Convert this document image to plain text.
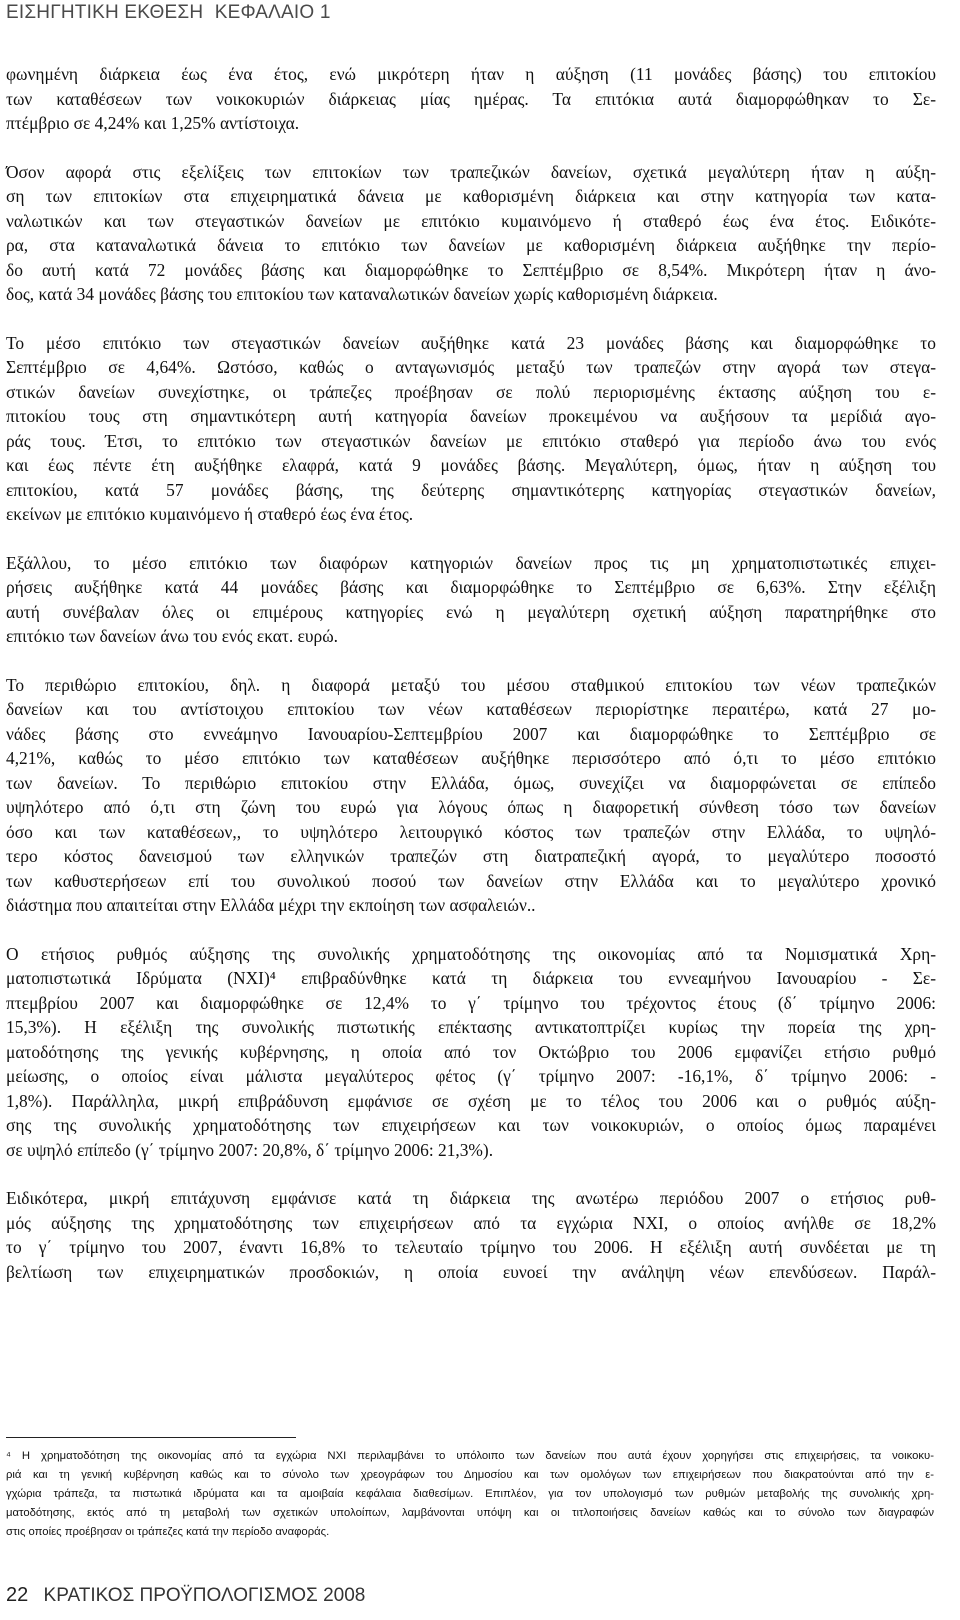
ΕΙΣΗΓΗΤΙΚΗ ΕΚΘΕΣΗ ΚΕΦΑΛΑΙΟ 1
φωνημένη διάρκεια έως ένα έτος, ενώ μικρότερη ήταν η αύξηση (11 μονάδες βάσης) του επιτοκίου
των καταθέσεων των νοικοκυριών διάρκειας μίας ημέρας. Τα επιτόκια αυτά διαμορφώθηκαν το Σε-
πτέμβριο σε 4,24% και 1,25% αντίστοιχα.
Όσον αφορά στις εξελίξεις των επιτοκίων των τραπεζικών δανείων, σχετικά μεγαλύτερη ήταν η αύξη-
ση των επιτοκίων στα επιχειρηματικά δάνεια με καθορισμένη διάρκεια και στην κατηγορία των κατα-
ναλωτικών και των στεγαστικών δανείων με επιτόκιο κυμαινόμενο ή σταθερό έως ένα έτος. Ειδικότε-
ρα, στα καταναλωτικά δάνεια το επιτόκιο των δανείων με καθορισμένη διάρκεια αυξήθηκε την περίο-
δο αυτή κατά 72 μονάδες βάσης και διαμορφώθηκε το Σεπτέμβριο σε 8,54%. Μικρότερη ήταν η άνο-
δος, κατά 34 μονάδες βάσης του επιτοκίου των καταναλωτικών δανείων χωρίς καθορισμένη διάρκεια.
Το μέσο επιτόκιο των στεγαστικών δανείων αυξήθηκε κατά 23 μονάδες βάσης και διαμορφώθηκε το
Σεπτέμβριο σε 4,64%. Ωστόσο, καθώς ο ανταγωνισμός μεταξύ των τραπεζών στην αγορά των στεγα-
στικών δανείων συνεχίστηκε, οι τράπεζες προέβησαν σε πολύ περιορισμένης έκτασης αύξηση του ε-
πιτοκίου τους στη σημαντικότερη αυτή κατηγορία δανείων προκειμένου να αυξήσουν τα μερίδιά αγο-
ράς τους. Έτσι, το επιτόκιο των στεγαστικών δανείων με επιτόκιο σταθερό για περίοδο άνω του ενός
και έως πέντε έτη αυξήθηκε ελαφρά, κατά 9 μονάδες βάσης. Μεγαλύτερη, όμως, ήταν η αύξηση του
επιτοκίου, κατά 57 μονάδες βάσης, της δεύτερης σημαντικότερης κατηγορίας στεγαστικών δανείων,
εκείνων με επιτόκιο κυμαινόμενο ή σταθερό έως ένα έτος.
Εξάλλου, το μέσο επιτόκιο των διαφόρων κατηγοριών δανείων προς τις μη χρηματοπιστωτικές επιχει-
ρήσεις αυξήθηκε κατά 44 μονάδες βάσης και διαμορφώθηκε το Σεπτέμβριο σε 6,63%. Στην εξέλιξη
αυτή συνέβαλαν όλες οι επιμέρους κατηγορίες ενώ η μεγαλύτερη σχετική αύξηση παρατηρήθηκε στο
επιτόκιο των δανείων άνω του ενός εκατ. ευρώ.
Το περιθώριο επιτοκίου, δηλ. η διαφορά μεταξύ του μέσου σταθμικού επιτοκίου των νέων τραπεζικών
δανείων και του αντίστοιχου επιτοκίου των νέων καταθέσεων περιορίστηκε περαιτέρω, κατά 27 μο-
νάδες βάσης στο εννεάμηνο Ιανουαρίου-Σεπτεμβρίου 2007 και διαμορφώθηκε το Σεπτέμβριο σε
4,21%, καθώς το μέσο επιτόκιο των καταθέσεων αυξήθηκε περισσότερο από ό,τι το μέσο επιτόκιο
των δανείων. Το περιθώριο επιτοκίου στην Ελλάδα, όμως, συνεχίζει να διαμορφώνεται σε επίπεδο
υψηλότερο από ό,τι στη ζώνη του ευρώ για λόγους όπως η διαφορετική σύνθεση τόσο των δανείων
όσο και των καταθέσεων,, το υψηλότερο λειτουργικό κόστος των τραπεζών στην Ελλάδα, το υψηλό-
τερο κόστος δανεισμού των ελληνικών τραπεζών στη διατραπεζική αγορά, το μεγαλύτερο ποσοστό
των καθυστερήσεων επί του συνολικού ποσού των δανείων στην Ελλάδα και το μεγαλύτερο χρονικό
διάστημα που απαιτείται στην Ελλάδα μέχρι την εκποίηση των ασφαλειών..
Ο ετήσιος ρυθμός αύξησης της συνολικής χρηματοδότησης της οικονομίας από τα Νομισματικά Χρη-
ματοπιστωτικά Ιδρύματα (ΝΧΙ)⁴ επιβραδύνθηκε κατά τη διάρκεια του εννεαμήνου Ιανουαρίου - Σε-
πτεμβρίου 2007 και διαμορφώθηκε σε 12,4% το γ΄ τρίμηνο του τρέχοντος έτους (δ΄ τρίμηνο 2006:
15,3%). Η εξέλιξη της συνολικής πιστωτικής επέκτασης αντικατοπτρίζει κυρίως την πορεία της χρη-
ματοδότησης της γενικής κυβέρνησης, η οποία από τον Οκτώβριο του 2006 εμφανίζει ετήσιο ρυθμό
μείωσης, ο οποίος είναι μάλιστα μεγαλύτερος φέτος (γ΄ τρίμηνο 2007: -16,1%, δ΄ τρίμηνο 2006: -
1,8%). Παράλληλα, μικρή επιβράδυνση εμφάνισε σε σχέση με το τέλος του 2006 και ο ρυθμός αύξη-
σης της συνολικής χρηματοδότησης των επιχειρήσεων και των νοικοκυριών, ο οποίος όμως παραμένει
σε υψηλό επίπεδο (γ΄ τρίμηνο 2007: 20,8%, δ΄ τρίμηνο 2006: 21,3%).
Ειδικότερα, μικρή επιτάχυνση εμφάνισε κατά τη διάρκεια της ανωτέρω περιόδου 2007 ο ετήσιος ρυθ-
μός αύξησης της χρηματοδότησης των επιχειρήσεων από τα εγχώρια ΝΧΙ, ο οποίος ανήλθε σε 18,2%
το γ΄ τρίμηνο του 2007, έναντι 16,8% το τελευταίο τρίμηνο του 2006. Η εξέλιξη αυτή συνδέεται με τη
βελτίωση των επιχειρηματικών προσδοκιών, η οποία ευνοεί την ανάληψη νέων επενδύσεων. Παράλ-
⁴ Η χρηματοδότηση της οικονομίας από τα εγχώρια ΝΧΙ περιλαμβάνει το υπόλοιπο των δανείων που αυτά έχουν χορηγήσει στις επιχειρήσεις, τα νοικοκυ-
ριά και τη γενική κυβέρνηση καθώς και το σύνολο των χρεογράφων του Δημοσίου και των ομολόγων των επιχειρήσεων που διακρατούνται από την ε-
γχώρια τράπεζα, τα πιστωτικά ιδρύματα και τα αμοιβαία κεφάλαια διαθεσίμων. Επιπλέον, για τον υπολογισμό των ρυθμών μεταβολής της συνολικής χρη-
ματοδότησης, εκτός από τη μεταβολή των σχετικών υπολοίπων, λαμβάνονται υπόψη και οι τιτλοποιήσεις δανείων καθώς και το σύνολο των διαγραφών
στις οποίες προέβησαν οι τράπεζες κατά την περίοδο αναφοράς.
22 ΚΡΑΤΙΚΟΣ ΠΡΟΫΠΟΛΟΓΙΣΜΟΣ 2008
